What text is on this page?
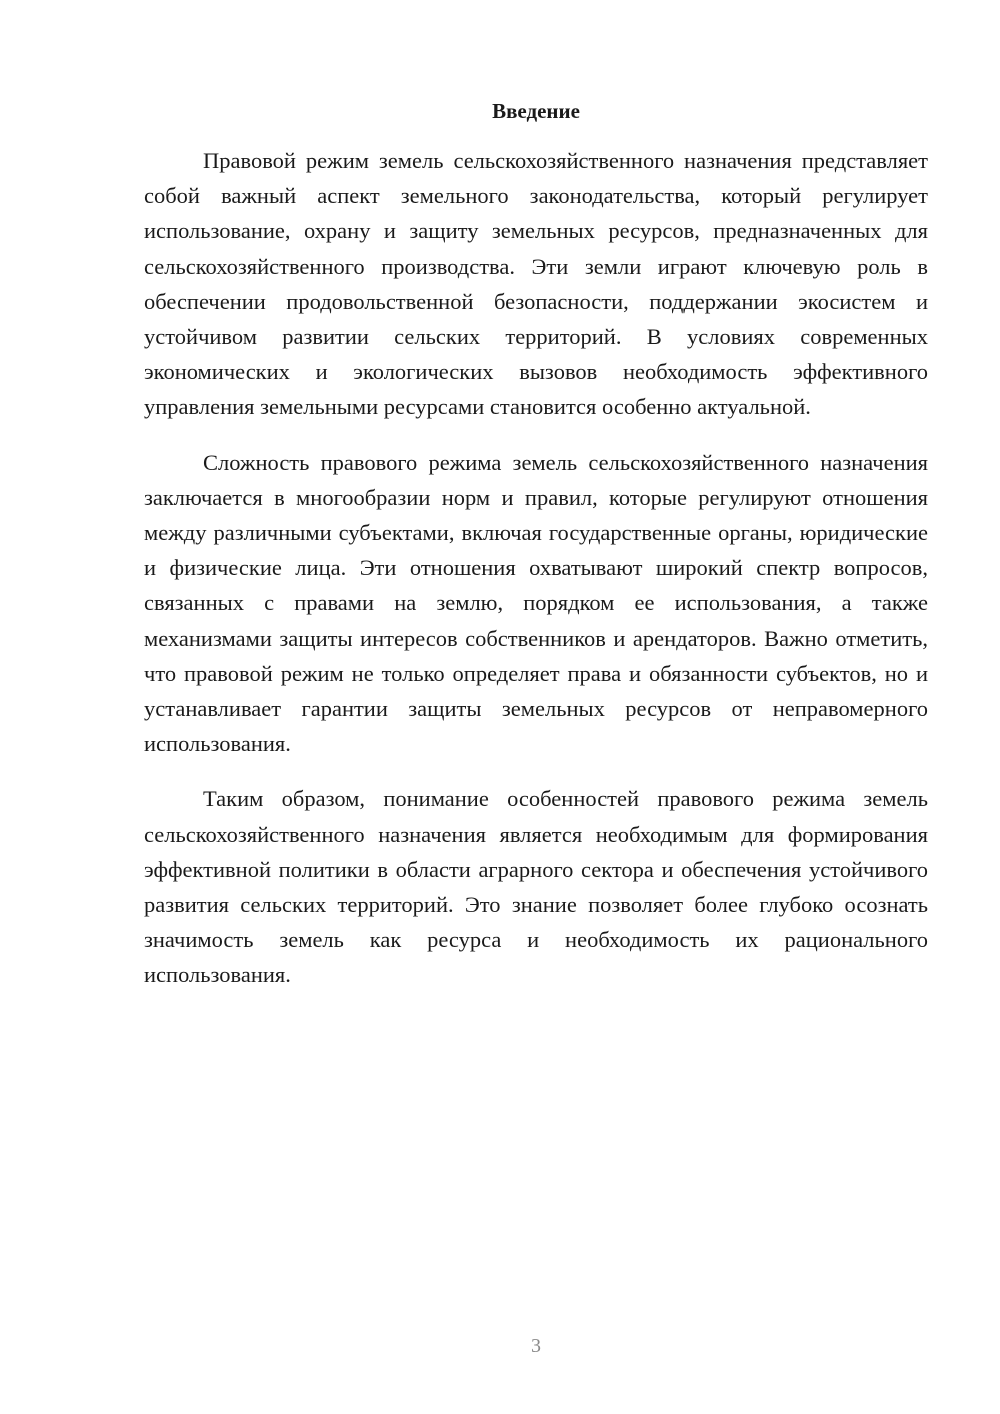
Введение

Правовой режим земель сельскохозяйственного назначения представляет собой важный аспект земельного законодательства, который регулирует использование, охрану и защиту земельных ресурсов, предназначенных для сельскохозяйственного производства. Эти земли играют ключевую роль в обеспечении продовольственной безопасности, поддержании экосистем и устойчивом развитии сельских территорий. В условиях современных экономических и экологических вызовов необходимость эффективного управления земельными ресурсами становится особенно актуальной.

Сложность правового режима земель сельскохозяйственного назначения заключается в многообразии норм и правил, которые регулируют отношения между различными субъектами, включая государственные органы, юридические и физические лица. Эти отношения охватывают широкий спектр вопросов, связанных с правами на землю, порядком ее использования, а также механизмами защиты интересов собственников и арендаторов. Важно отметить, что правовой режим не только определяет права и обязанности субъектов, но и устанавливает гарантии защиты земельных ресурсов от неправомерного использования.

Таким образом, понимание особенностей правового режима земель сельскохозяйственного назначения является необходимым для формирования эффективной политики в области аграрного сектора и обеспечения устойчивого развития сельских территорий. Это знание позволяет более глубоко осознать значимость земель как ресурса и необходимость их рационального использования.

3
